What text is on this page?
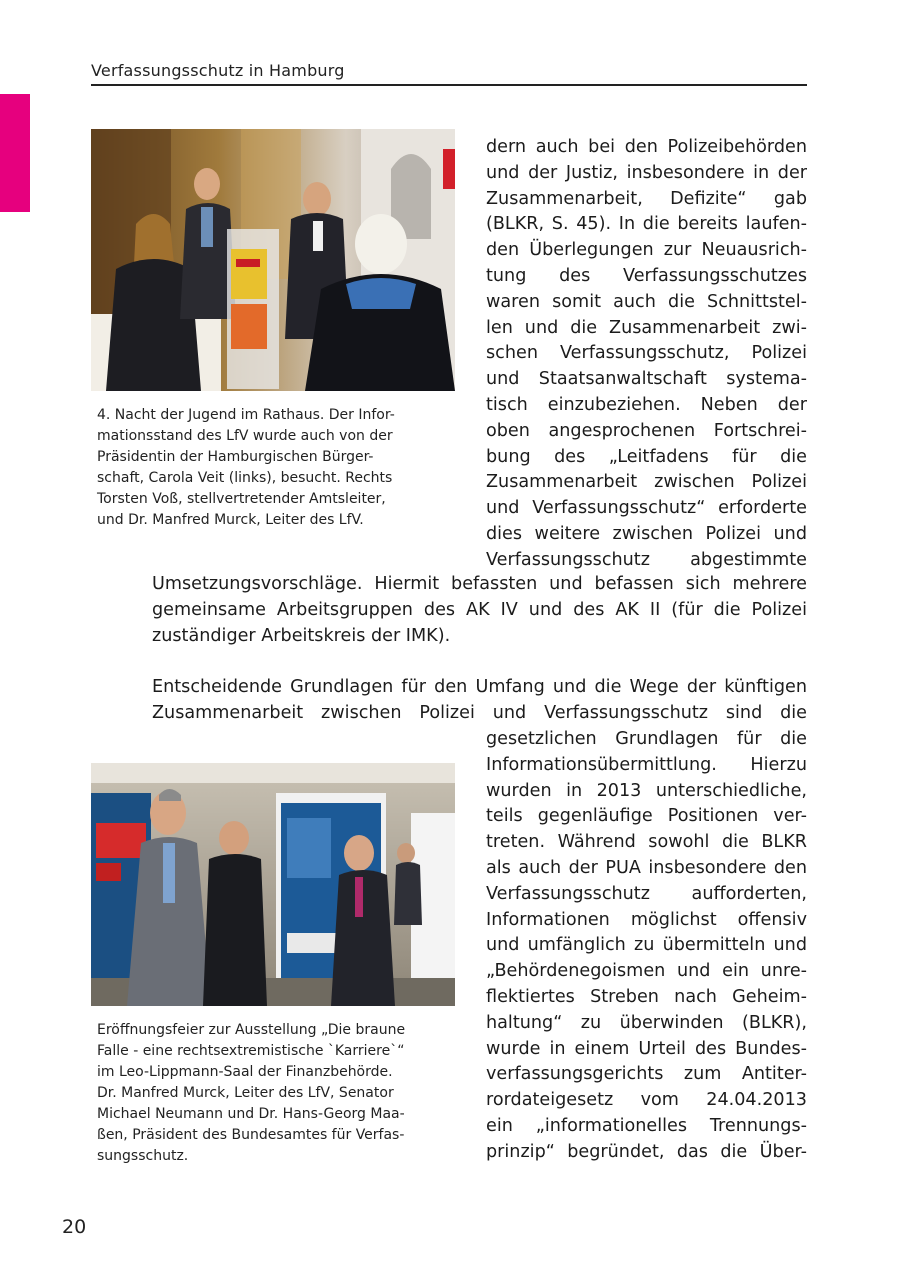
Verfassungsschutz in Hamburg
4. Nacht der Jugend im Rathaus. Der Infor-
mationsstand des LfV wurde auch von der
Präsidentin der Hamburgischen Bürger-
schaft, Carola Veit (links), besucht. Rechts
Torsten Voß, stellvertretender Amtsleiter,
und Dr. Manfred Murck, Leiter des LfV.
dern auch bei den Polizeibehörden
und der Justiz, insbesondere in der
Zusammenarbeit, Defizite“ gab
(BLKR, S. 45). In die bereits laufen-
den Überlegungen zur Neuausrich-
tung des Verfassungsschutzes
waren somit auch die Schnittstel-
len und die Zusammenarbeit zwi-
schen Verfassungsschutz, Polizei
und Staatsanwaltschaft systema-
tisch einzubeziehen. Neben der
oben angesprochenen Fortschrei-
bung des „Leitfadens für die
Zusammenarbeit zwischen Polizei
und Verfassungsschutz“ erforderte
dies weitere zwischen Polizei und
Verfassungsschutz abgestimmte
Umsetzungsvorschläge. Hiermit befassten und befassen sich mehrere
gemeinsame Arbeitsgruppen des AK IV und des AK II (für die Polizei
zuständiger Arbeitskreis der IMK).
Entscheidende Grundlagen für den Umfang und die Wege der künftigen
Zusammenarbeit zwischen Polizei und Verfassungsschutz sind die
Eröffnungsfeier zur Ausstellung „Die braune
Falle - eine rechtsextremistische `Karriere`“
im Leo-Lippmann-Saal der Finanzbehörde.
Dr. Manfred Murck, Leiter des LfV, Senator
Michael Neumann und Dr. Hans-Georg Maa-
ßen, Präsident des Bundesamtes für Verfas-
sungsschutz.
gesetzlichen Grundlagen für die
Informationsübermittlung. Hierzu
wurden in 2013 unterschiedliche,
teils gegenläufige Positionen ver-
treten. Während sowohl die BLKR
als auch der PUA insbesondere den
Verfassungsschutz aufforderten,
Informationen möglichst offensiv
und umfänglich zu übermitteln und
„Behördenegoismen und ein unre-
flektiertes Streben nach Geheim-
haltung“ zu überwinden (BLKR),
wurde in einem Urteil des Bundes-
verfassungsgerichts zum Antiter-
rordateigesetz vom 24.04.2013
ein „informationelles Trennungs-
prinzip“ begründet, das die Über-
20
